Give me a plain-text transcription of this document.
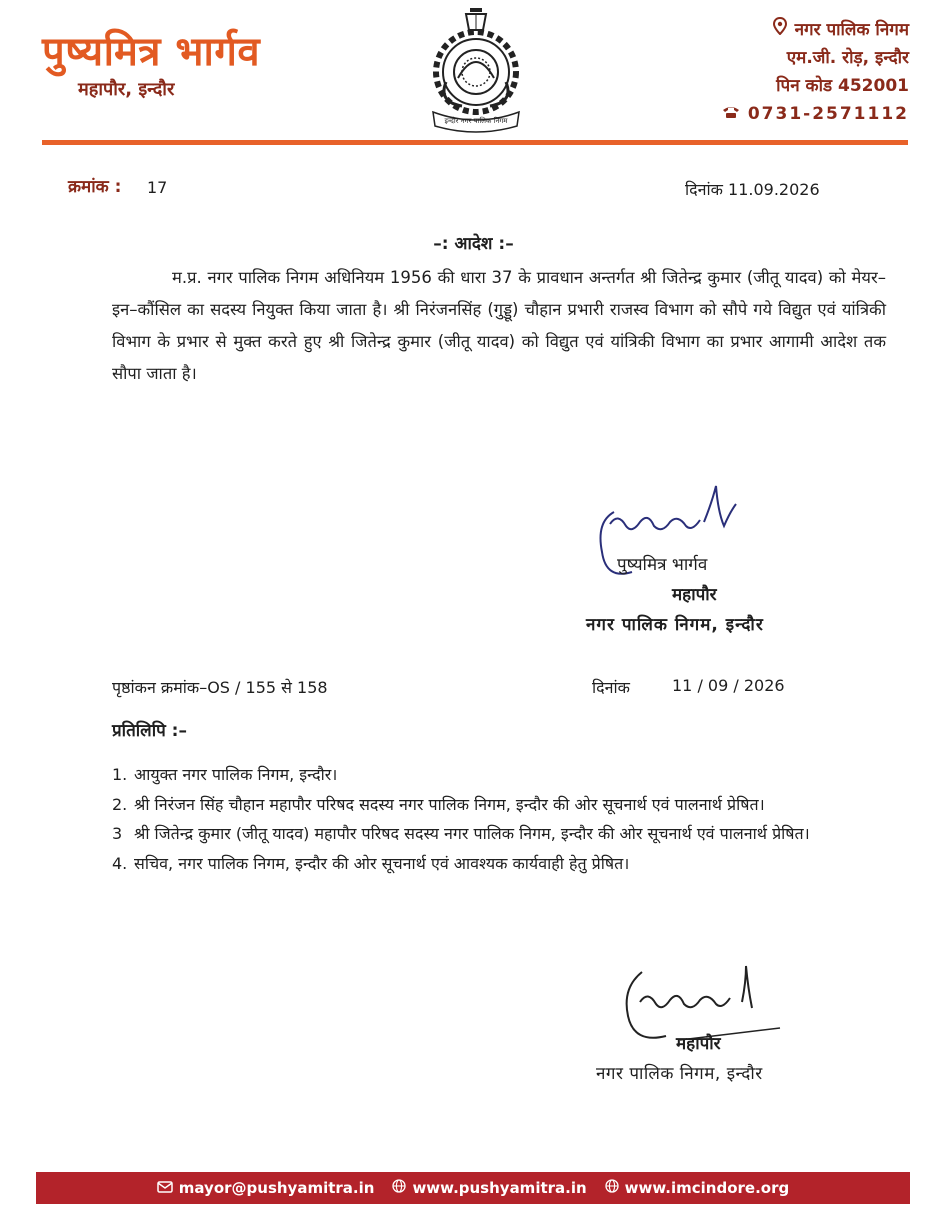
पुष्यमित्र भार्गव
महापौर, इन्दौर
इन्दौर नगर पालिक निगम
नगर पालिक निगम
एम.जी. रोड़, इन्दौर
पिन कोड 452001
0731-2571112
क्रमांक : 17	दिनांक 11.09.2026
–: आदेश :–
म.प्र. नगर पालिक निगम अधिनियम 1956 की धारा 37 के प्रावधान अन्तर्गत श्री जितेन्द्र कुमार (जीतू यादव) को मेयर–इन–कौंसिल का सदस्य नियुक्त किया जाता है। श्री निरंजनसिंह (गुड्डू) चौहान प्रभारी राजस्व विभाग को सौपे गये विद्युत एवं यांत्रिकी विभाग के प्रभार से मुक्त करते हुए श्री जितेन्द्र कुमार (जीतू यादव) को विद्युत एवं यांत्रिकी विभाग का प्रभार आगामी आदेश तक सौपा जाता है।
पुष्यमित्र भार्गव
महापौर
नगर पालिक निगम, इन्दौर
पृष्ठांकन क्रमांक–OS / 155 से 158	दिनांक	11 / 09 / 2026
प्रतिलिपि :–
1. आयुक्त नगर पालिक निगम, इन्दौर।
2. श्री निरंजन सिंह चौहान महापौर परिषद सदस्य नगर पालिक निगम, इन्दौर की ओर सूचनार्थ एवं पालनार्थ प्रेषित।
3 श्री जितेन्द्र कुमार (जीतू यादव) महापौर परिषद सदस्य नगर पालिक निगम, इन्दौर की ओर सूचनार्थ एवं पालनार्थ प्रेषित।
4. सचिव, नगर पालिक निगम, इन्दौर की ओर सूचनार्थ एवं आवश्यक कार्यवाही हेतु प्रेषित।
महापौर
नगर पालिक निगम, इन्दौर
mayor@pushyamitra.in	www.pushyamitra.in	www.imcindore.org
